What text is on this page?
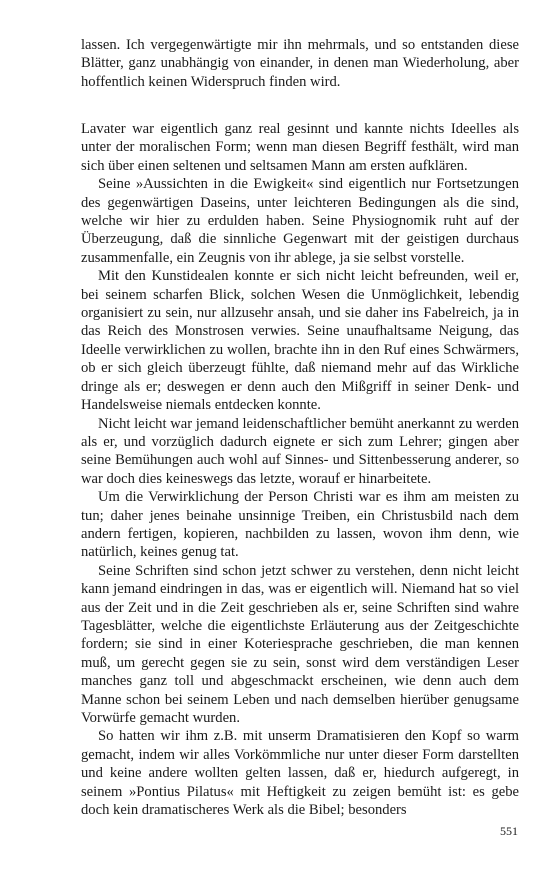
lassen. Ich vergegenwärtigte mir ihn mehrmals, und so entstanden diese Blätter, ganz unabhängig von einander, in denen man Wiederholung, aber hoffentlich keinen Widerspruch finden wird.

Lavater war eigentlich ganz real gesinnt und kannte nichts Ideelles als unter der moralischen Form; wenn man diesen Begriff festhält, wird man sich über einen seltenen und seltsamen Mann am ersten aufklären.

Seine »Aussichten in die Ewigkeit« sind eigentlich nur Fortsetzungen des gegenwärtigen Daseins, unter leichteren Bedingungen als die sind, welche wir hier zu erdulden haben. Seine Physiognomik ruht auf der Überzeugung, daß die sinnliche Gegenwart mit der geistigen durchaus zusammenfalle, ein Zeugnis von ihr ablege, ja sie selbst vorstelle.

Mit den Kunstidealen konnte er sich nicht leicht befreunden, weil er, bei seinem scharfen Blick, solchen Wesen die Unmöglichkeit, lebendig organisiert zu sein, nur allzusehr ansah, und sie daher ins Fabelreich, ja in das Reich des Monstrosen verwies. Seine unaufhaltsame Neigung, das Ideelle verwirklichen zu wollen, brachte ihn in den Ruf eines Schwärmers, ob er sich gleich überzeugt fühlte, daß niemand mehr auf das Wirkliche dringe als er; deswegen er denn auch den Mißgriff in seiner Denk- und Handelsweise niemals entdecken konnte.

Nicht leicht war jemand leidenschaftlicher bemüht anerkannt zu werden als er, und vorzüglich dadurch eignete er sich zum Lehrer; gingen aber seine Bemühungen auch wohl auf Sinnes- und Sittenbesserung anderer, so war doch dies keineswegs das letzte, worauf er hinarbeitete.

Um die Verwirklichung der Person Christi war es ihm am meisten zu tun; daher jenes beinahe unsinnige Treiben, ein Christusbild nach dem andern fertigen, kopieren, nachbilden zu lassen, wovon ihm denn, wie natürlich, keines genug tat.

Seine Schriften sind schon jetzt schwer zu verstehen, denn nicht leicht kann jemand eindringen in das, was er eigentlich will. Niemand hat so viel aus der Zeit und in die Zeit geschrieben als er, seine Schriften sind wahre Tagesblätter, welche die eigentlichste Erläuterung aus der Zeitgeschichte fordern; sie sind in einer Koteriesprache geschrieben, die man kennen muß, um gerecht gegen sie zu sein, sonst wird dem verständigen Leser manches ganz toll und abgeschmackt erscheinen, wie denn auch dem Manne schon bei seinem Leben und nach demselben hierüber genugsame Vorwürfe gemacht wurden.

So hatten wir ihm z.B. mit unserm Dramatisieren den Kopf so warm gemacht, indem wir alles Vorkömmliche nur unter dieser Form darstellten und keine andere wollten gelten lassen, daß er, hiedurch aufgeregt, in seinem »Pontius Pilatus« mit Heftigkeit zu zeigen bemüht ist: es gebe doch kein dramatischeres Werk als die Bibel; besonders

551
